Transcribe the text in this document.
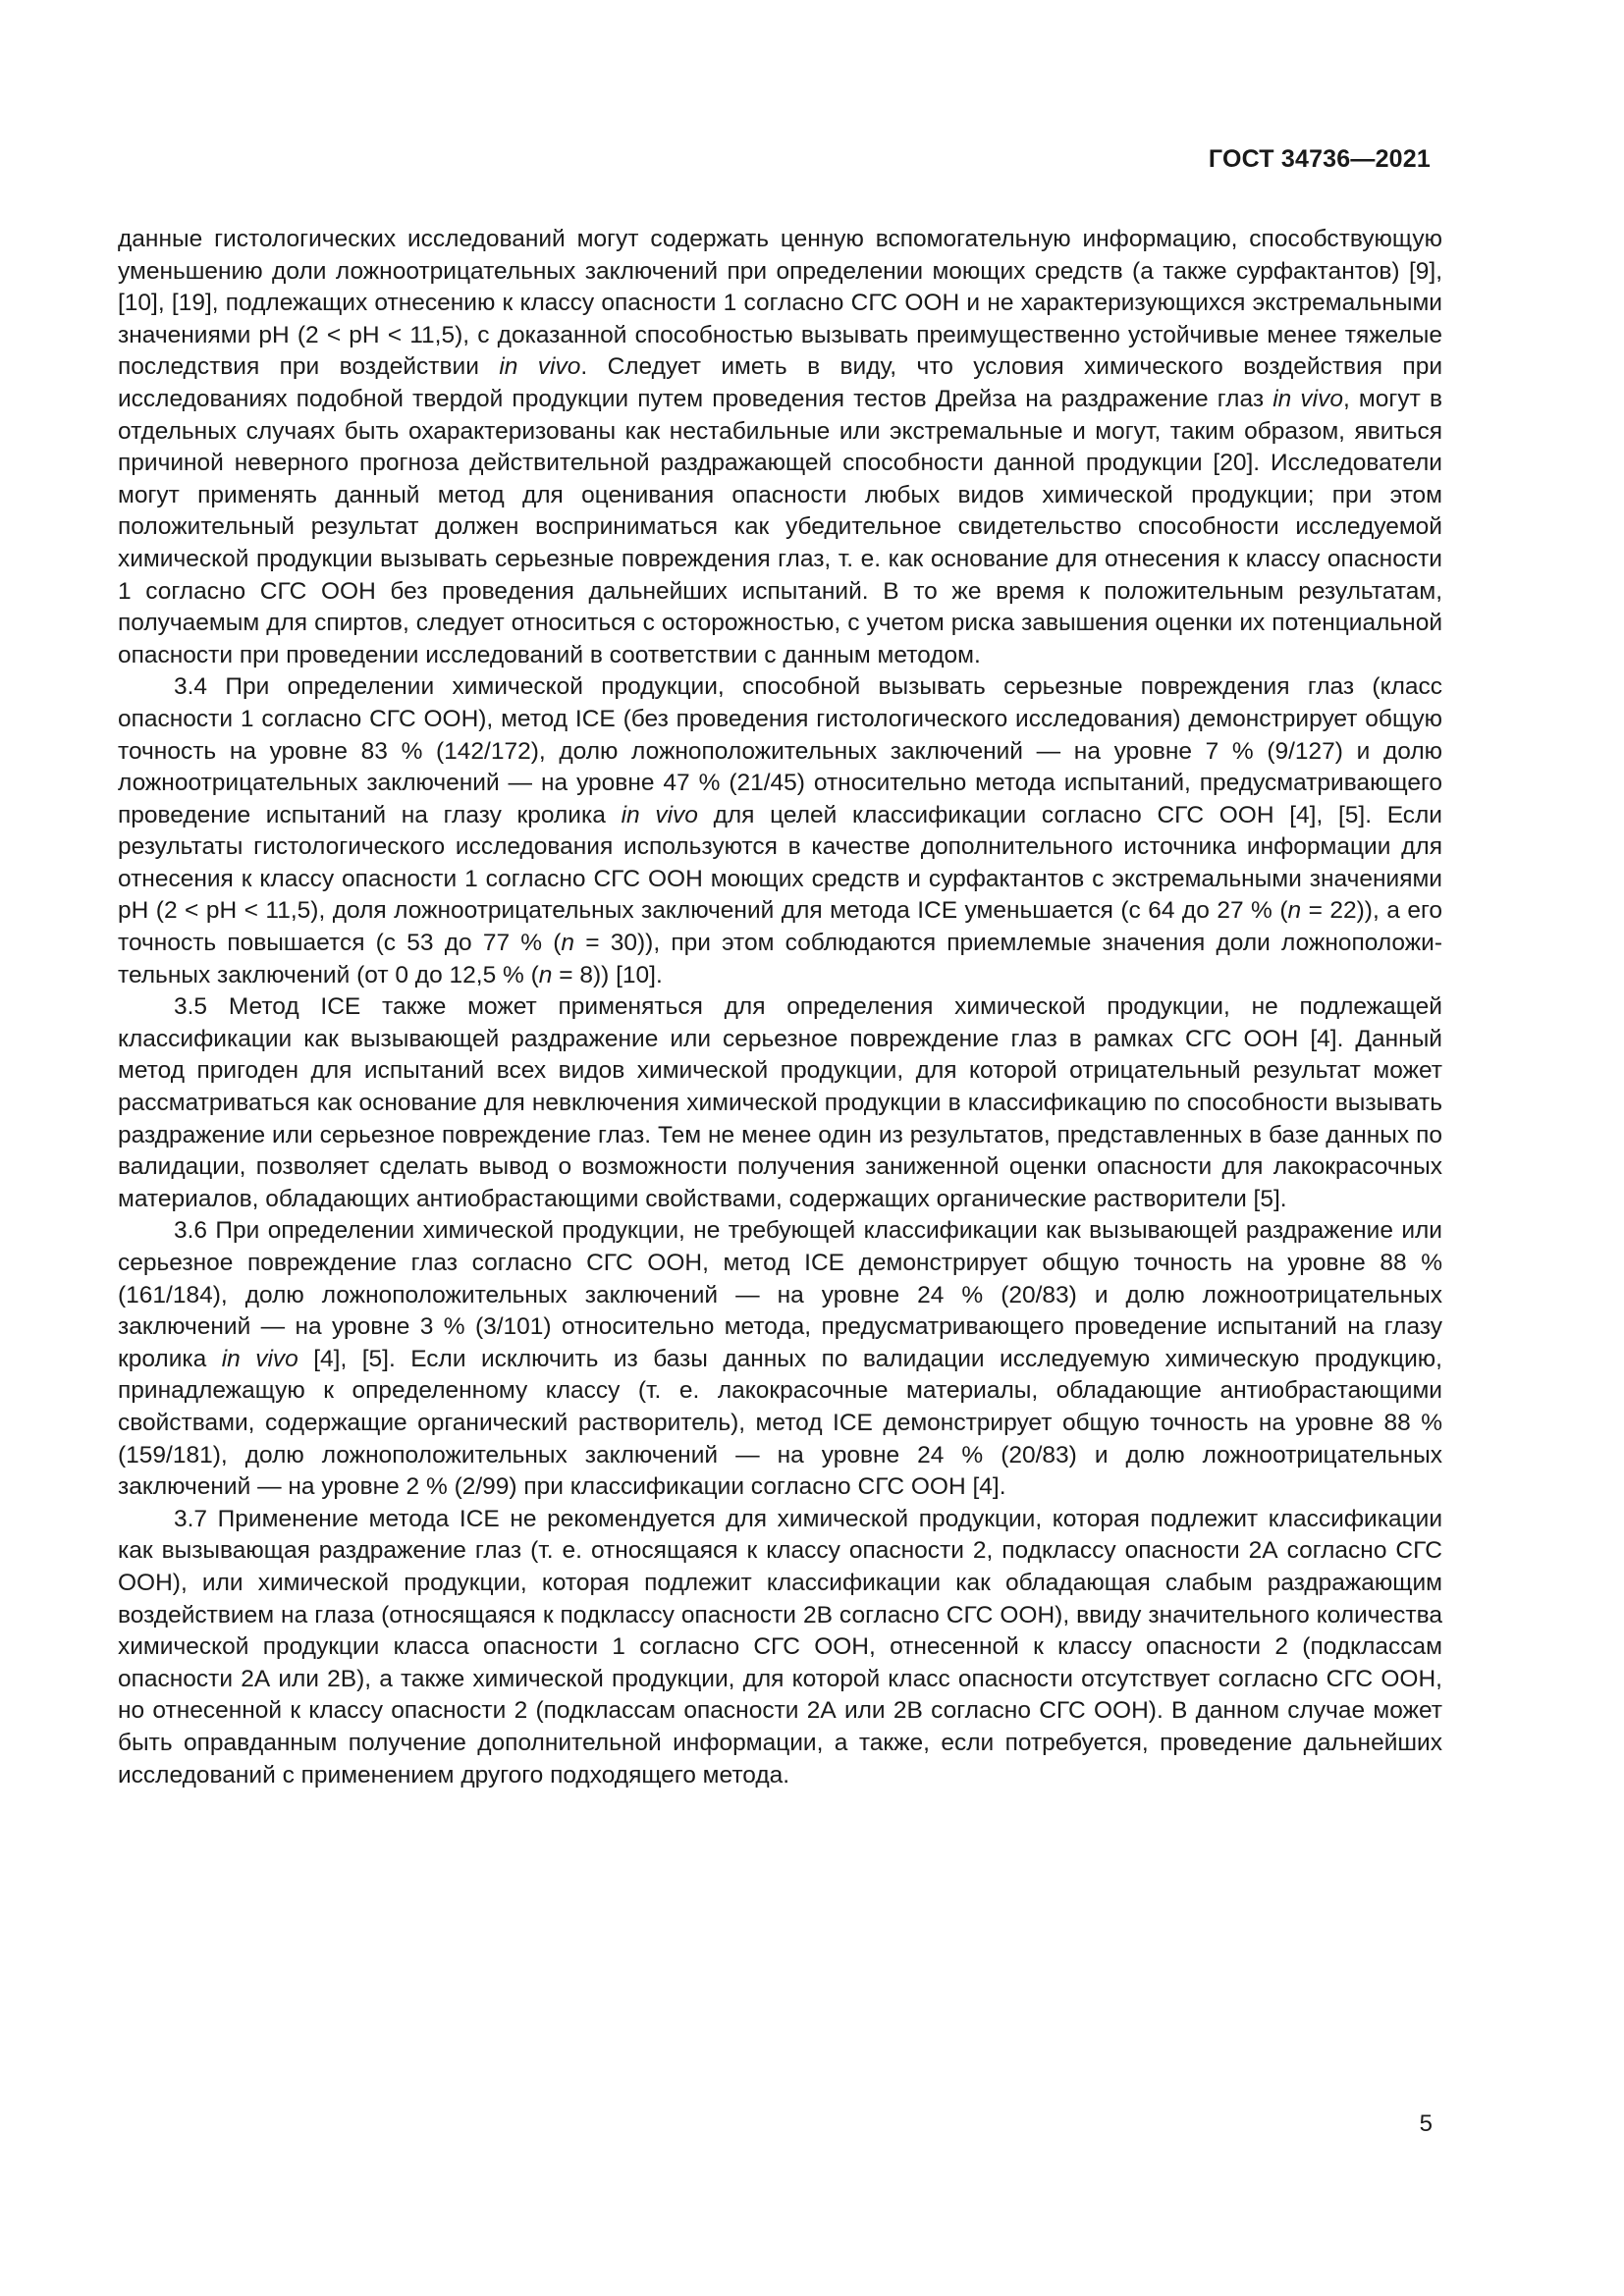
ГОСТ 34736—2021

данные гистологических исследований могут содержать ценную вспомогательную информацию, способствующую уменьшению доли ложноотрицательных заключений при определении моющих средств (а также сурфактантов) [9], [10], [19], подлежащих отнесению к классу опасности 1 согласно СГС ООН и не характеризующихся экстремальными значениями pH (2 < pH < 11,5), с доказанной способностью вызывать преимущественно устойчивые менее тяжелые последствия при воздействии in vivo. Следует иметь в виду, что условия химического воздействия при исследованиях подобной твердой продукции путем проведения тестов Дрейза на раздражение глаз in vivo, могут в отдельных случаях быть охарактеризованы как нестабильные или экстремальные и могут, таким образом, явиться причиной неверного прогноза действительной раздражающей способности данной продукции [20]. Исследователи могут применять данный метод для оценивания опасности любых видов химической продукции; при этом положительный результат должен восприниматься как убедительное свидетельство способности исследуемой химической продукции вызывать серьезные повреждения глаз, т. е. как основание для отнесения к классу опасности 1 согласно СГС ООН без проведения дальнейших испытаний. В то же время к положительным результатам, получаемым для спиртов, следует относиться с осторожностью, с учетом риска завышения оценки их потенциальной опасности при проведении исследований в соответствии с данным методом.

3.4 При определении химической продукции, способной вызывать серьезные повреждения глаз (класс опасности 1 согласно СГС ООН), метод ICE (без проведения гистологического исследования) демонстрирует общую точность на уровне 83 % (142/172), долю ложноположительных заключений — на уровне 7 % (9/127) и долю ложноотрицательных заключений — на уровне 47 % (21/45) относительно метода испытаний, предусматривающего проведение испытаний на глазу кролика in vivo для целей классификации согласно СГС ООН [4], [5]. Если результаты гистологического исследования используются в качестве дополнительного источника информации для отнесения к классу опасности 1 согласно СГС ООН моющих средств и сурфактантов с экстремальными значениями pH (2 < pH < 11,5), доля ложноотрицательных заключений для метода ICE уменьшается (с 64 до 27 % (n = 22)), а его точность повышается (с 53 до 77 % (n = 30)), при этом соблюдаются приемлемые значения доли ложноположительных заключений (от 0 до 12,5 % (n = 8)) [10].

3.5 Метод ICE также может применяться для определения химической продукции, не подлежащей классификации как вызывающей раздражение или серьезное повреждение глаз в рамках СГС ООН [4]. Данный метод пригоден для испытаний всех видов химической продукции, для которой отрицательный результат может рассматриваться как основание для невключения химической продукции в классификацию по способности вызывать раздражение или серьезное повреждение глаз. Тем не менее один из результатов, представленных в базе данных по валидации, позволяет сделать вывод о возможности получения заниженной оценки опасности для лакокрасочных материалов, обладающих антиобрастающими свойствами, содержащих органические растворители [5].

3.6 При определении химической продукции, не требующей классификации как вызывающей раздражение или серьезное повреждение глаз согласно СГС ООН, метод ICE демонстрирует общую точность на уровне 88 % (161/184), долю ложноположительных заключений — на уровне 24 % (20/83) и долю ложноотрицательных заключений — на уровне 3 % (3/101) относительно метода, предусматривающего проведение испытаний на глазу кролика in vivo [4], [5]. Если исключить из базы данных по валидации исследуемую химическую продукцию, принадлежащую к определенному классу (т. е. лакокрасочные материалы, обладающие антиобрастающими свойствами, содержащие органический растворитель), метод ICE демонстрирует общую точность на уровне 88 % (159/181), долю ложноположительных заключений — на уровне 24 % (20/83) и долю ложноотрицательных заключений — на уровне 2 % (2/99) при классификации согласно СГС ООН [4].

3.7 Применение метода ICE не рекомендуется для химической продукции, которая подлежит классификации как вызывающая раздражение глаз (т. е. относящаяся к классу опасности 2, подклассу опасности 2А согласно СГС ООН), или химической продукции, которая подлежит классификации как обладающая слабым раздражающим воздействием на глаза (относящаяся к подклассу опасности 2В согласно СГС ООН), ввиду значительного количества химической продукции класса опасности 1 согласно СГС ООН, отнесенной к классу опасности 2 (подклассам опасности 2А или 2В), а также химической продукции, для которой класс опасности отсутствует согласно СГС ООН, но отнесенной к классу опасности 2 (подклассам опасности 2А или 2В согласно СГС ООН). В данном случае может быть оправданным получение дополнительной информации, а также, если потребуется, проведение дальнейших исследований с применением другого подходящего метода.

5
